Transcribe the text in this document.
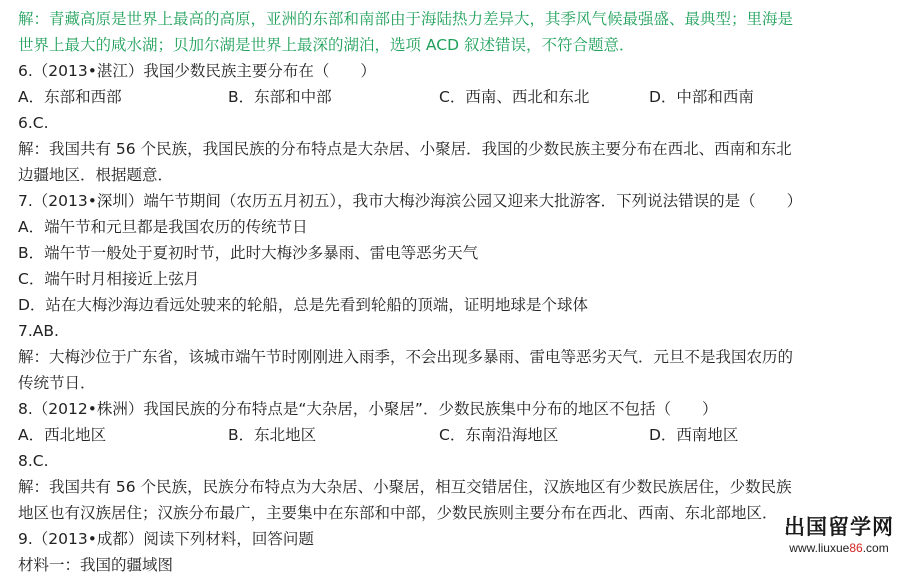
解：青藏高原是世界上最高的高原，亚洲的东部和南部由于海陆热力差异大，其季风气候最强盛、最典型；里海是
世界上最大的咸水湖；贝加尔湖是世界上最深的湖泊，选项 ACD 叙述错误，不符合题意．
6.（2013•湛江）我国少数民族主要分布在（　　）
A．东部和西部	B．东部和中部	C．西南、西北和东北	D．中部和西南
6.C.
解：我国共有 56 个民族，我国民族的分布特点是大杂居、小聚居．我国的少数民族主要分布在西北、西南和东北
边疆地区．根据题意．
7.（2013•深圳）端午节期间（农历五月初五），我市大梅沙海滨公园又迎来大批游客．下列说法错误的是（　　）
A．端午节和元旦都是我国农历的传统节日
B．端午节一般处于夏初时节，此时大梅沙多暴雨、雷电等恶劣天气
C．端午时月相接近上弦月
D．站在大梅沙海边看远处驶来的轮船，总是先看到轮船的顶端，证明地球是个球体
7.AB.
解：大梅沙位于广东省，该城市端午节时刚刚进入雨季，不会出现多暴雨、雷电等恶劣天气．元旦不是我国农历的
传统节日．
8.（2012•株洲）我国民族的分布特点是“大杂居，小聚居”．少数民族集中分布的地区不包括（　　）
A．西北地区	B．东北地区	C．东南沿海地区	D．西南地区
8.C.
解：我国共有 56 个民族，民族分布特点为大杂居、小聚居，相互交错居住，汉族地区有少数民族居住，少数民族
地区也有汉族居住；汉族分布最广，主要集中在东部和中部，少数民族则主要分布在西北、西南、东北部地区．
9.（2013•成都）阅读下列材料，回答问题
材料一：我国的疆域图
出国留学网
www.liuxue86.com
